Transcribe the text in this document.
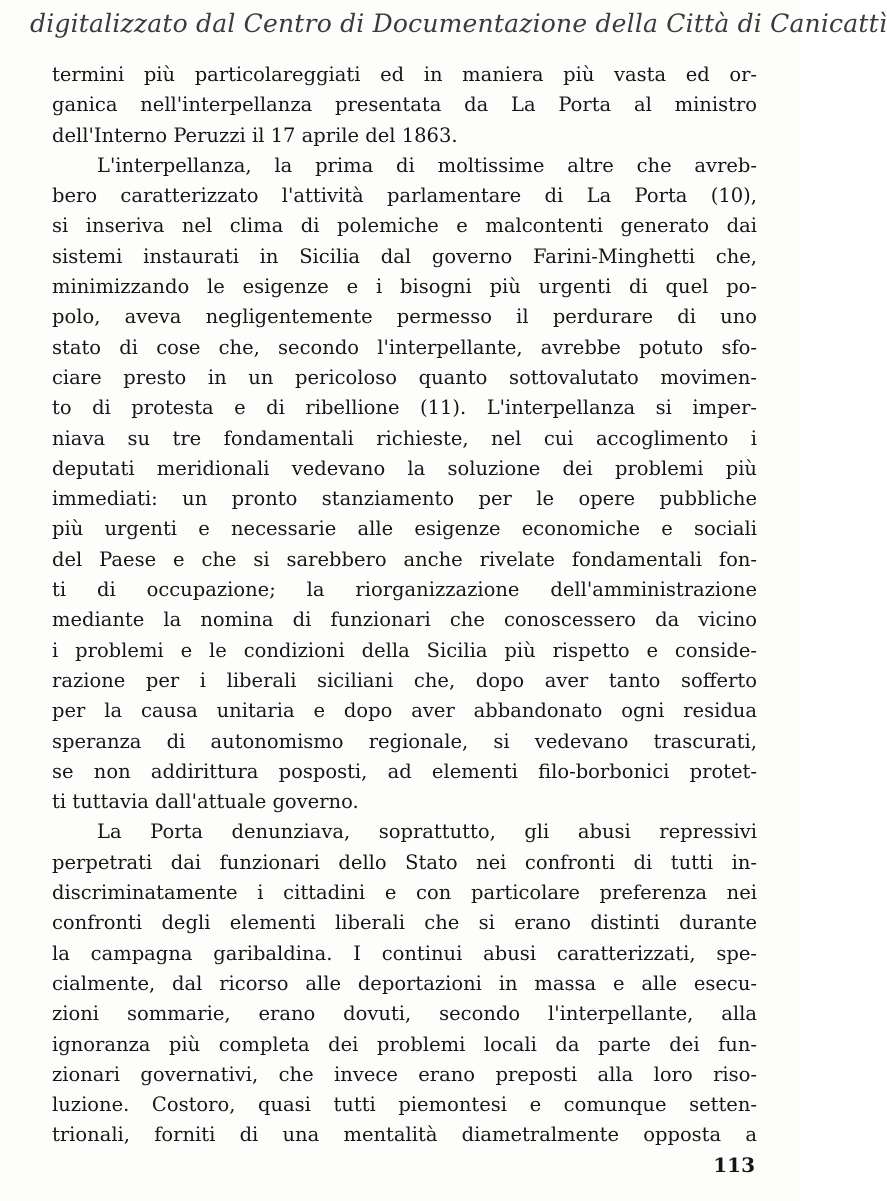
digitalizzato dal Centro di Documentazione della Città di Canicattì
termini più particolareggiati ed in maniera più vasta ed or-
ganica nell'interpellanza presentata da La Porta al ministro
dell'Interno Peruzzi il 17 aprile del 1863.
L'interpellanza, la prima di moltissime altre che avreb-
bero caratterizzato l'attività parlamentare di La Porta (10),
si inseriva nel clima di polemiche e malcontenti generato dai
sistemi instaurati in Sicilia dal governo Farini-Minghetti che,
minimizzando le esigenze e i bisogni più urgenti di quel po-
polo, aveva negligentemente permesso il perdurare di uno
stato di cose che, secondo l'interpellante, avrebbe potuto sfo-
ciare presto in un pericoloso quanto sottovalutato movimen-
to di protesta e di ribellione (11). L'interpellanza si imper-
niava su tre fondamentali richieste, nel cui accoglimento i
deputati meridionali vedevano la soluzione dei problemi più
immediati: un pronto stanziamento per le opere pubbliche
più urgenti e necessarie alle esigenze economiche e sociali
del Paese e che si sarebbero anche rivelate fondamentali fon-
ti di occupazione; la riorganizzazione dell'amministrazione
mediante la nomina di funzionari che conoscessero da vicino
i problemi e le condizioni della Sicilia più rispetto e conside-
razione per i liberali siciliani che, dopo aver tanto sofferto
per la causa unitaria e dopo aver abbandonato ogni residua
speranza di autonomismo regionale, si vedevano trascurati,
se non addirittura posposti, ad elementi filo-borbonici protet-
ti tuttavia dall'attuale governo.
La Porta denunziava, soprattutto, gli abusi repressivi
perpetrati dai funzionari dello Stato nei confronti di tutti in-
discriminatamente i cittadini e con particolare preferenza nei
confronti degli elementi liberali che si erano distinti durante
la campagna garibaldina. I continui abusi caratterizzati, spe-
cialmente, dal ricorso alle deportazioni in massa e alle esecu-
zioni sommarie, erano dovuti, secondo l'interpellante, alla
ignoranza più completa dei problemi locali da parte dei fun-
zionari governativi, che invece erano preposti alla loro riso-
luzione. Costoro, quasi tutti piemontesi e comunque setten-
trionali, forniti di una mentalità diametralmente opposta a
113
